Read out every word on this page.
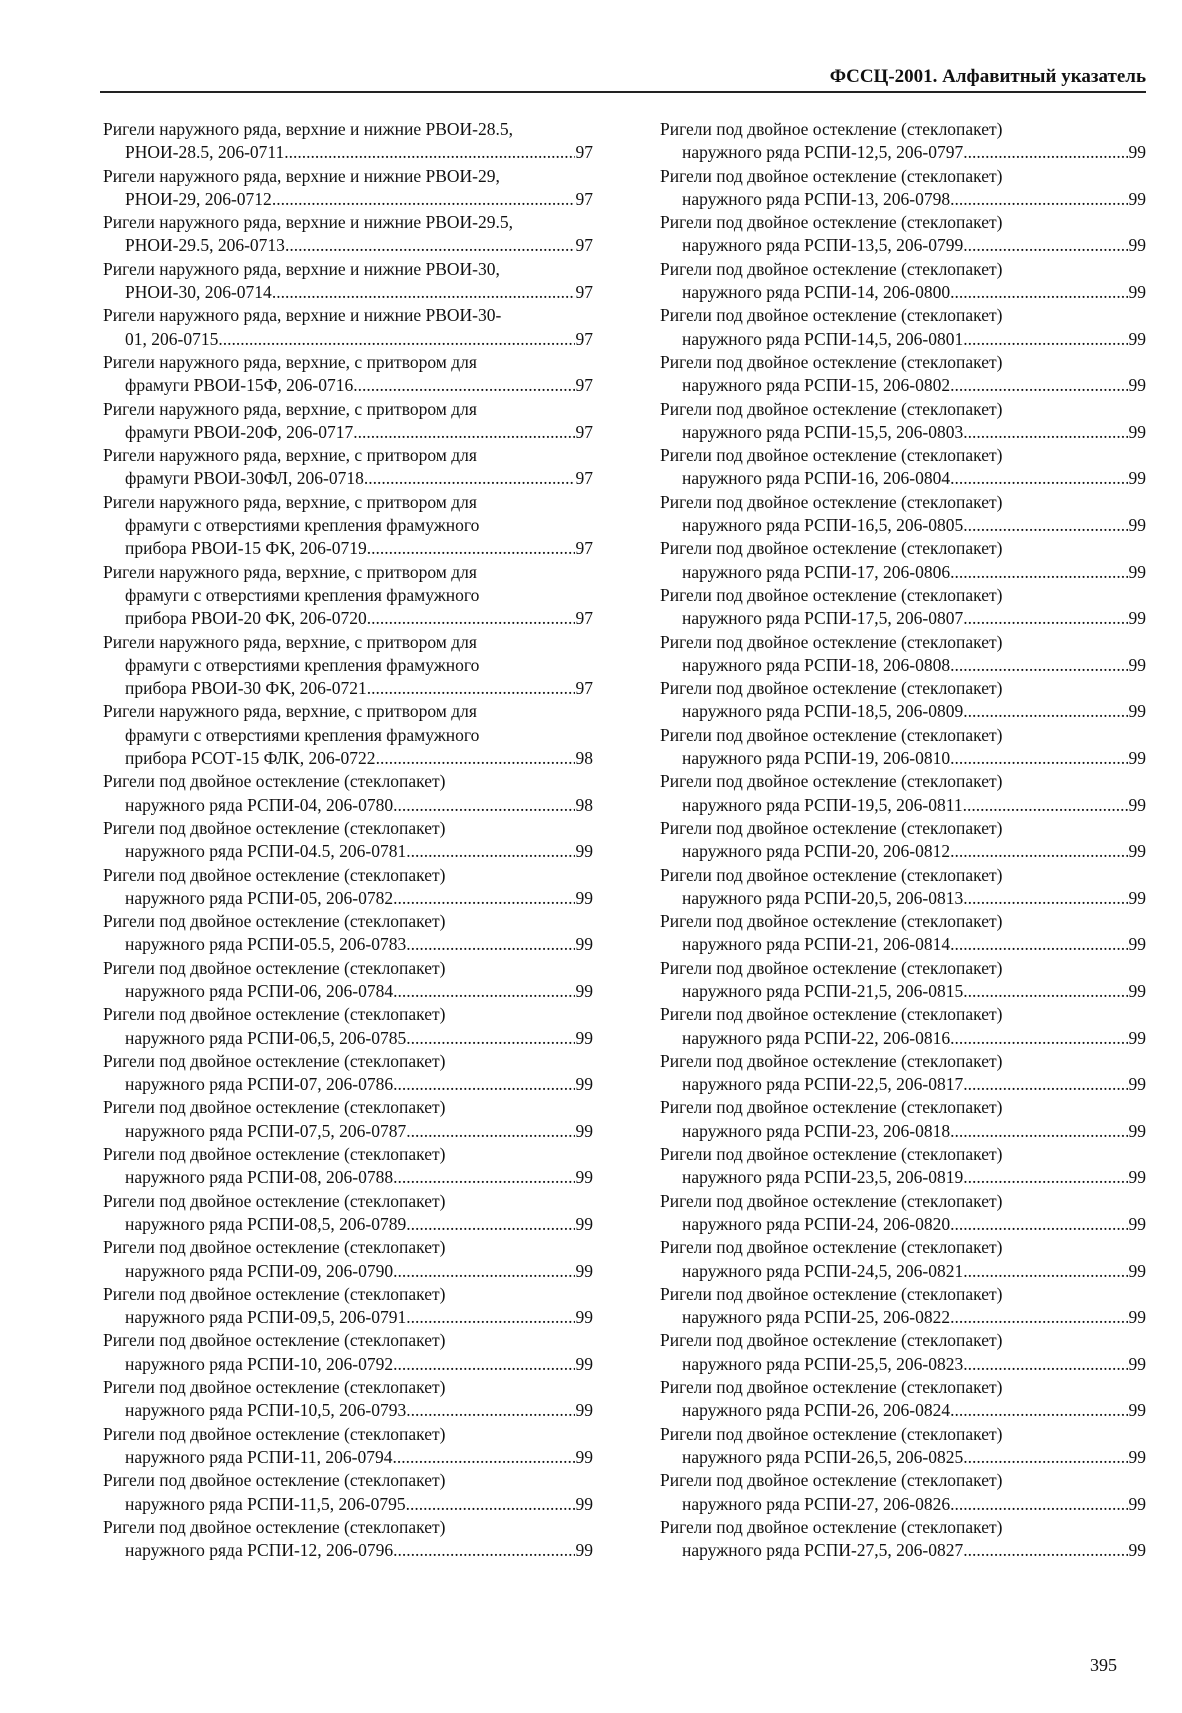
ФССЦ-2001. Алфавитный указатель
Ригели наружного ряда, верхние и нижние РВОИ-28.5,
РНОИ-28.5, 206-0711 .....	97
Ригели наружного ряда, верхние и нижние РВОИ-29,
РНОИ-29, 206-0712 .....	97
Ригели наружного ряда, верхние и нижние РВОИ-29.5,
РНОИ-29.5, 206-0713 .....	97
Ригели наружного ряда, верхние и нижние РВОИ-30,
РНОИ-30, 206-0714 .....	97
Ригели наружного ряда, верхние и нижние РВОИ-30-
01, 206-0715 .....	97
Ригели наружного ряда, верхние, с притвором для
фрамуги РВОИ-15Ф, 206-0716 .....	97
Ригели наружного ряда, верхние, с притвором для
фрамуги РВОИ-20Ф, 206-0717 .....	97
Ригели наружного ряда, верхние, с притвором для
фрамуги РВОИ-30ФЛ, 206-0718 .....	97
Ригели наружного ряда, верхние, с притвором для
фрамуги с отверстиями крепления фрамужного
прибора РВОИ-15 ФК, 206-0719 .....	97
Ригели наружного ряда, верхние, с притвором для
фрамуги с отверстиями крепления фрамужного
прибора РВОИ-20 ФК, 206-0720 .....	97
Ригели наружного ряда, верхние, с притвором для
фрамуги с отверстиями крепления фрамужного
прибора РВОИ-30 ФК, 206-0721 .....	97
Ригели наружного ряда, верхние, с притвором для
фрамуги с отверстиями крепления фрамужного
прибора РСОТ-15 ФЛК, 206-0722 .....	98
Ригели под двойное остекление (стеклопакет)
наружного ряда РСПИ-04, 206-0780 .....	98
Ригели под двойное остекление (стеклопакет)
наружного ряда РСПИ-04.5, 206-0781 .....	99
Ригели под двойное остекление (стеклопакет)
наружного ряда РСПИ-05, 206-0782 .....	99
Ригели под двойное остекление (стеклопакет)
наружного ряда РСПИ-05.5, 206-0783 .....	99
Ригели под двойное остекление (стеклопакет)
наружного ряда РСПИ-06, 206-0784 .....	99
Ригели под двойное остекление (стеклопакет)
наружного ряда РСПИ-06,5, 206-0785 .....	99
Ригели под двойное остекление (стеклопакет)
наружного ряда РСПИ-07, 206-0786 .....	99
Ригели под двойное остекление (стеклопакет)
наружного ряда РСПИ-07,5, 206-0787 .....	99
Ригели под двойное остекление (стеклопакет)
наружного ряда РСПИ-08, 206-0788 .....	99
Ригели под двойное остекление (стеклопакет)
наружного ряда РСПИ-08,5, 206-0789 .....	99
Ригели под двойное остекление (стеклопакет)
наружного ряда РСПИ-09, 206-0790 .....	99
Ригели под двойное остекление (стеклопакет)
наружного ряда РСПИ-09,5, 206-0791 .....	99
Ригели под двойное остекление (стеклопакет)
наружного ряда РСПИ-10, 206-0792 .....	99
Ригели под двойное остекление (стеклопакет)
наружного ряда РСПИ-10,5, 206-0793 .....	99
Ригели под двойное остекление (стеклопакет)
наружного ряда РСПИ-11, 206-0794 .....	99
Ригели под двойное остекление (стеклопакет)
наружного ряда РСПИ-11,5, 206-0795 .....	99
Ригели под двойное остекление (стеклопакет)
наружного ряда РСПИ-12, 206-0796 .....	99
Ригели под двойное остекление (стеклопакет)
наружного ряда РСПИ-12,5, 206-0797 .....	99
Ригели под двойное остекление (стеклопакет)
наружного ряда РСПИ-13, 206-0798 .....	99
Ригели под двойное остекление (стеклопакет)
наружного ряда РСПИ-13,5, 206-0799 .....	99
Ригели под двойное остекление (стеклопакет)
наружного ряда РСПИ-14, 206-0800 .....	99
Ригели под двойное остекление (стеклопакет)
наружного ряда РСПИ-14,5, 206-0801 .....	99
Ригели под двойное остекление (стеклопакет)
наружного ряда РСПИ-15, 206-0802 .....	99
Ригели под двойное остекление (стеклопакет)
наружного ряда РСПИ-15,5, 206-0803 .....	99
Ригели под двойное остекление (стеклопакет)
наружного ряда РСПИ-16, 206-0804 .....	99
Ригели под двойное остекление (стеклопакет)
наружного ряда РСПИ-16,5, 206-0805 .....	99
Ригели под двойное остекление (стеклопакет)
наружного ряда РСПИ-17, 206-0806 .....	99
Ригели под двойное остекление (стеклопакет)
наружного ряда РСПИ-17,5, 206-0807 .....	99
Ригели под двойное остекление (стеклопакет)
наружного ряда РСПИ-18, 206-0808 .....	99
Ригели под двойное остекление (стеклопакет)
наружного ряда РСПИ-18,5, 206-0809 .....	99
Ригели под двойное остекление (стеклопакет)
наружного ряда РСПИ-19, 206-0810 .....	99
Ригели под двойное остекление (стеклопакет)
наружного ряда РСПИ-19,5, 206-0811 .....	99
Ригели под двойное остекление (стеклопакет)
наружного ряда РСПИ-20, 206-0812 .....	99
Ригели под двойное остекление (стеклопакет)
наружного ряда РСПИ-20,5, 206-0813 .....	99
Ригели под двойное остекление (стеклопакет)
наружного ряда РСПИ-21, 206-0814 .....	99
Ригели под двойное остекление (стеклопакет)
наружного ряда РСПИ-21,5, 206-0815 .....	99
Ригели под двойное остекление (стеклопакет)
наружного ряда РСПИ-22, 206-0816 .....	99
Ригели под двойное остекление (стеклопакет)
наружного ряда РСПИ-22,5, 206-0817 .....	99
Ригели под двойное остекление (стеклопакет)
наружного ряда РСПИ-23, 206-0818 .....	99
Ригели под двойное остекление (стеклопакет)
наружного ряда РСПИ-23,5, 206-0819 .....	99
Ригели под двойное остекление (стеклопакет)
наружного ряда РСПИ-24, 206-0820 .....	99
Ригели под двойное остекление (стеклопакет)
наружного ряда РСПИ-24,5, 206-0821 .....	99
Ригели под двойное остекление (стеклопакет)
наружного ряда РСПИ-25, 206-0822 .....	99
Ригели под двойное остекление (стеклопакет)
наружного ряда РСПИ-25,5, 206-0823 .....	99
Ригели под двойное остекление (стеклопакет)
наружного ряда РСПИ-26, 206-0824 .....	99
Ригели под двойное остекление (стеклопакет)
наружного ряда РСПИ-26,5, 206-0825 .....	99
Ригели под двойное остекление (стеклопакет)
наружного ряда РСПИ-27, 206-0826 .....	99
Ригели под двойное остекление (стеклопакет)
наружного ряда РСПИ-27,5, 206-0827 .....	99
395
